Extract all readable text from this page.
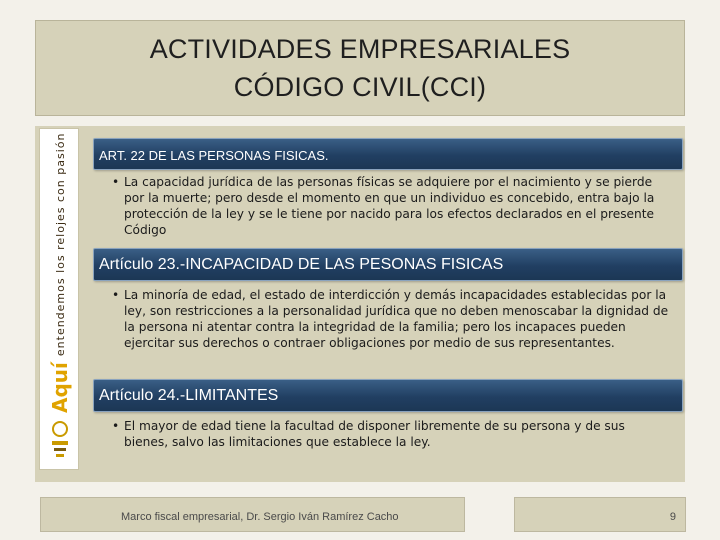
ACTIVIDADES EMPRESARIALES
CÓDIGO CIVIL(CCI)
Aquí
entendemos los relojes con pasión	ART. 22 DE LAS PERSONAS FISICAS.
• La capacidad jurídica de las personas físicas se adquiere por el nacimiento y se pierde por la muerte; pero desde el momento en que un individuo es concebido, entra bajo la protección de la ley y se le tiene por nacido para los efectos declarados en el presente Código
Artículo 23.-INCAPACIDAD DE LAS PESONAS FISICAS
• La minoría de edad, el estado de interdicción y demás incapacidades establecidas por la ley, son restricciones a la personalidad jurídica que no deben menoscabar la dignidad de la persona ni atentar contra la integridad de la familia; pero los incapaces pueden ejercitar sus derechos o contraer obligaciones por medio de sus representantes.
Artículo 24.-LIMITANTES
• El mayor de edad tiene la facultad de disponer libremente de su persona y de sus bienes, salvo las limitaciones que establece la ley.
Marco fiscal empresarial, Dr. Sergio Iván Ramírez Cacho	9
